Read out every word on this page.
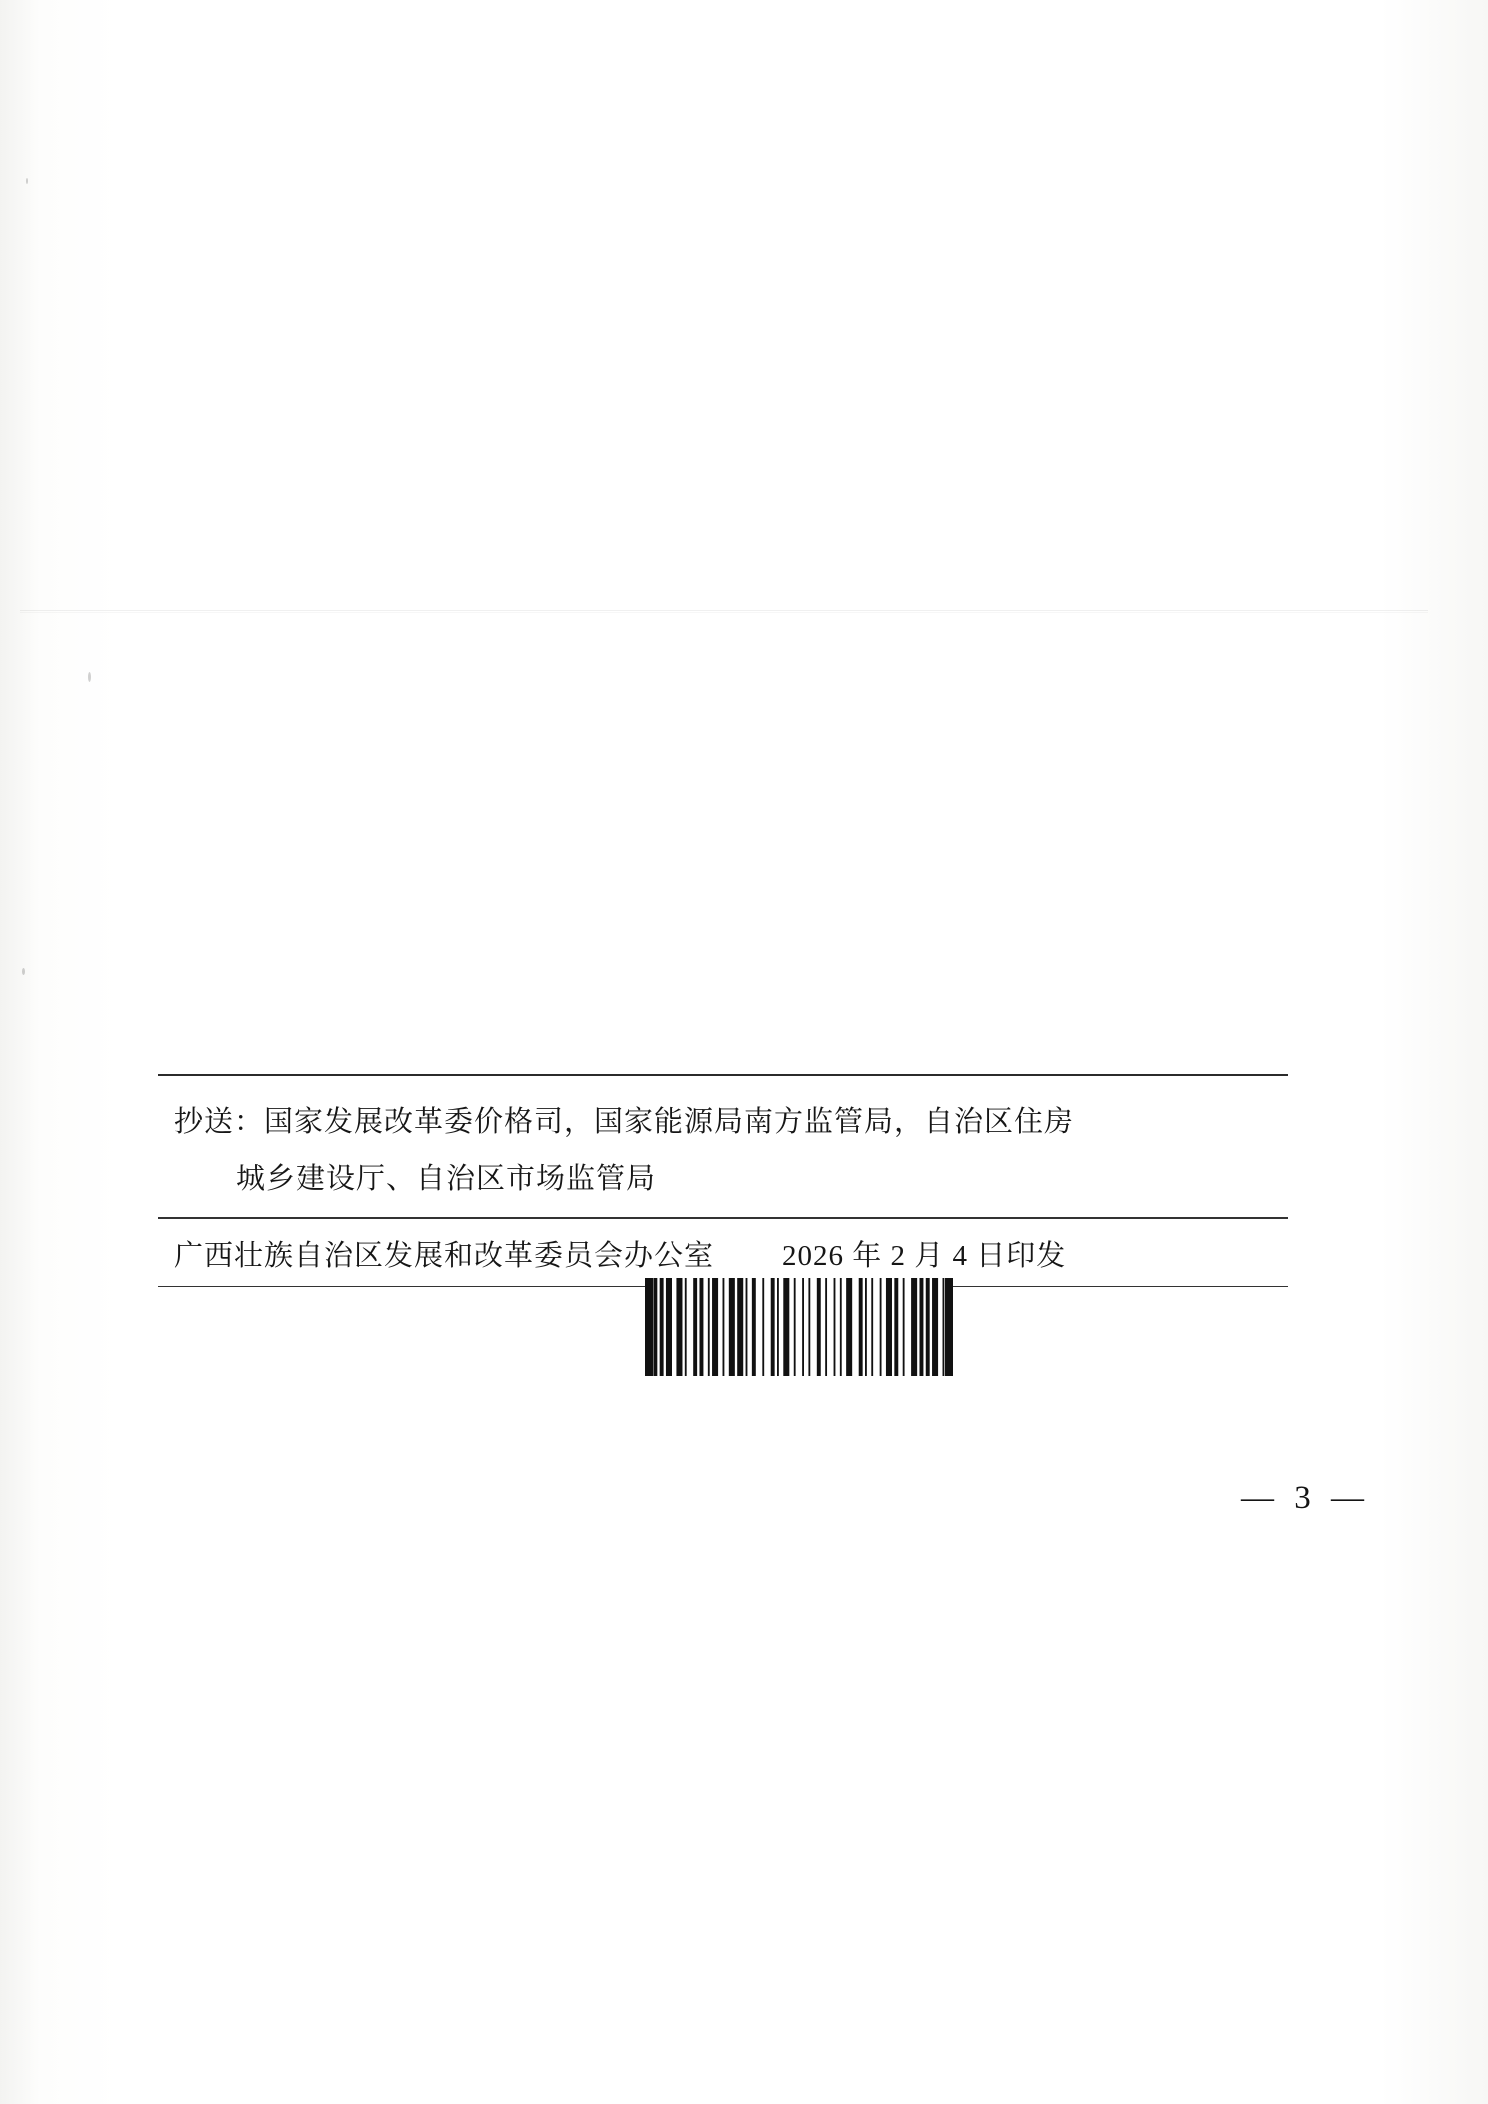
抄送：国家发展改革委价格司，国家能源局南方监管局，自治区住房
城乡建设厅、自治区市场监管局
广西壮族自治区发展和改革委员会办公室 2026 年 2 月 4 日印发
— 3 —
